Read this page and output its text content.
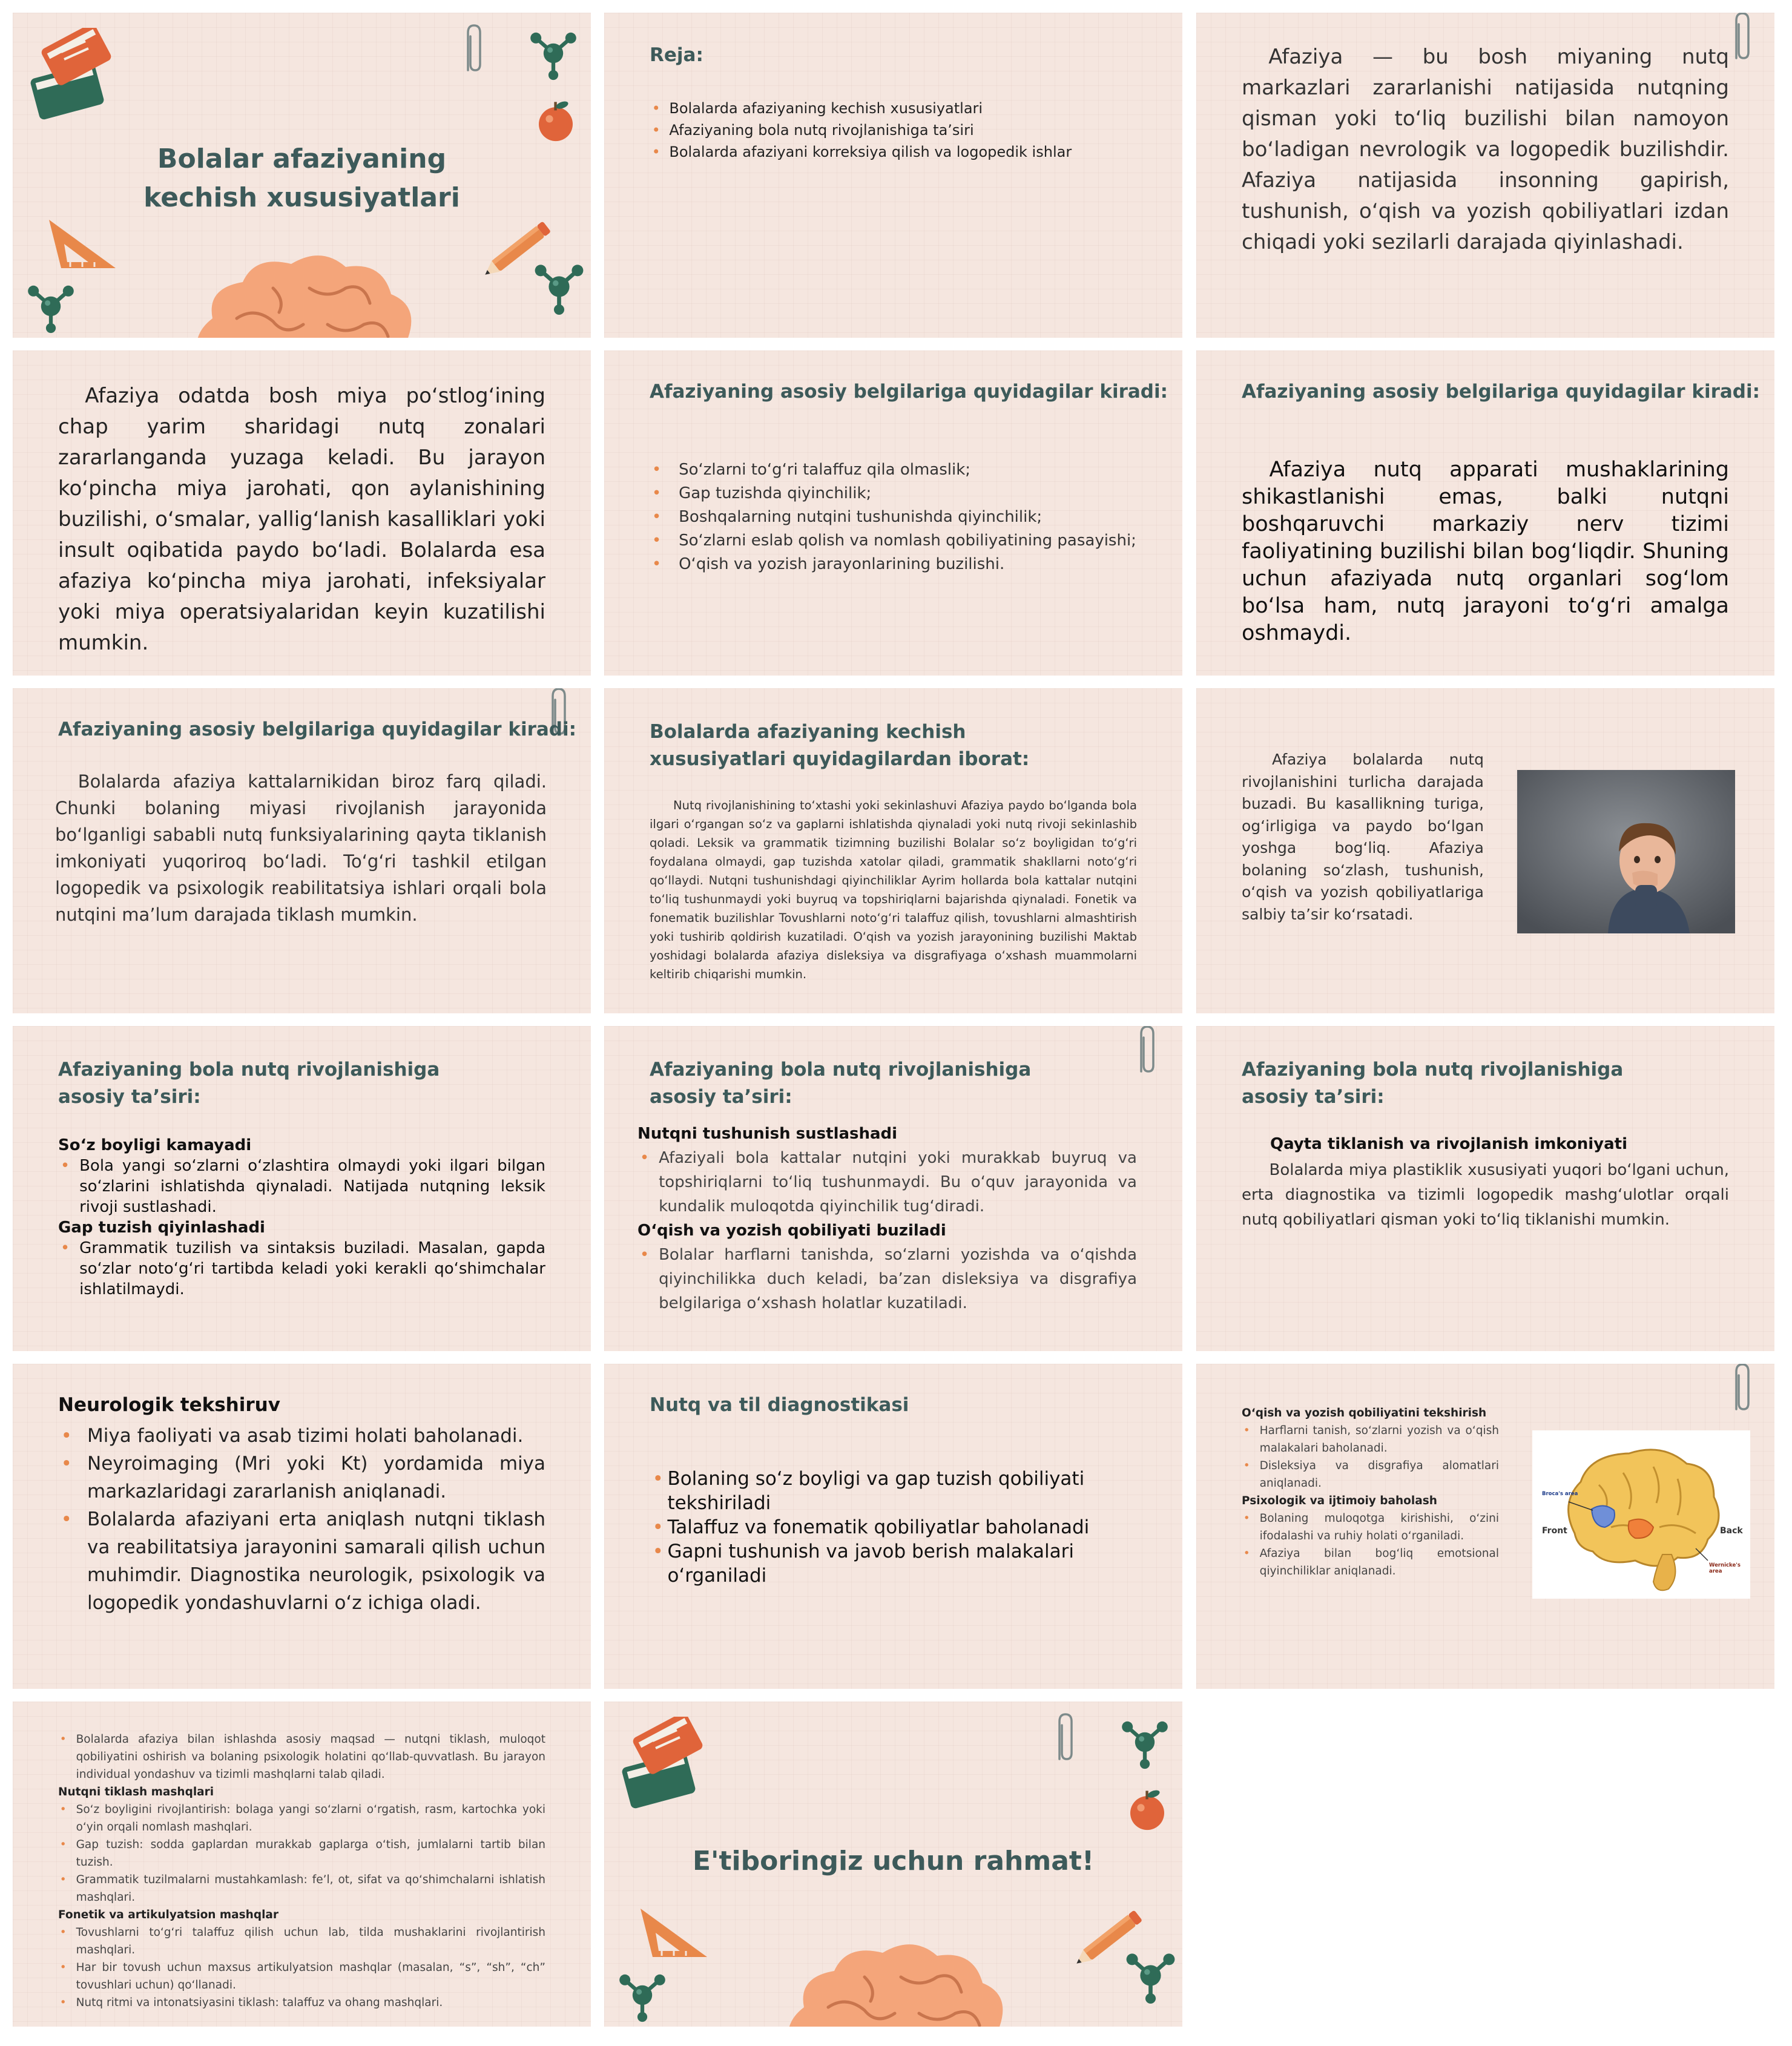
Bolalar afaziyaning kechish xususiyatlari
Reja:
• Bolalarda afaziyaning kechish xususiyatlari
• Afaziyaning bola nutq rivojlanishiga ta’siri
• Bolalarda afaziyani korreksiya qilish va logopedik ishlar
Afaziya — bu bosh miyaning nutq markazlari zararlanishi natijasida nutqning qisman yoki to‘liq buzilishi bilan namoyon bo‘ladigan nevrologik va logopedik buzilishdir. Afaziya natijasida insonning gapirish, tushunish, o‘qish va yozish qobiliyatlari izdan chiqadi yoki sezilarli darajada qiyinlashadi.
Afaziya odatda bosh miya po‘stlog‘ining chap yarim sharidagi nutq zonalari zararlanganda yuzaga keladi. Bu jarayon ko‘pincha miya jarohati, qon aylanishining buzilishi, o‘smalar, yallig‘lanish kasalliklari yoki insult oqibatida paydo bo‘ladi. Bolalarda esa afaziya ko‘pincha miya jarohati, infeksiyalar yoki miya operatsiyalaridan keyin kuzatilishi mumkin.
Afaziyaning asosiy belgilariga quyidagilar kiradi:
• So‘zlarni to‘g‘ri talaffuz qila olmaslik;
• Gap tuzishda qiyinchilik;
• Boshqalarning nutqini tushunishda qiyinchilik;
• So‘zlarni eslab qolish va nomlash qobiliyatining pasayishi;
• O‘qish va yozish jarayonlarining buzilishi.
Afaziyaning asosiy belgilariga quyidagilar kiradi:
Afaziya nutq apparati mushaklarining shikastlanishi emas, balki nutqni boshqaruvchi markaziy nerv tizimi faoliyatining buzilishi bilan bog‘liqdir. Shuning uchun afaziyada nutq organlari sog‘lom bo‘lsa ham, nutq jarayoni to‘g‘ri amalga oshmaydi.
Afaziyaning asosiy belgilariga quyidagilar kiradi:
Bolalarda afaziya kattalarnikidan biroz farq qiladi. Chunki bolaning miyasi rivojlanish jarayonida bo‘lganligi sababli nutq funksiyalarining qayta tiklanish imkoniyati yuqoriroq bo‘ladi. To‘g‘ri tashkil etilgan logopedik va psixologik reabilitatsiya ishlari orqali bola nutqini ma’lum darajada tiklash mumkin.
Bolalarda afaziyaning kechish xususiyatlari quyidagilardan iborat:
Nutq rivojlanishining to‘xtashi yoki sekinlashuvi Afaziya paydo bo‘lganda bola ilgari o‘rgangan so‘z va gaplarni ishlatishda qiynaladi yoki nutq rivoji sekinlashib qoladi. Leksik va grammatik tizimning buzilishi Bolalar so‘z boyligidan to‘g‘ri foydalana olmaydi, gap tuzishda xatolar qiladi, grammatik shakllarni noto‘g‘ri qo‘llaydi. Nutqni tushunishdagi qiyinchiliklar Ayrim hollarda bola kattalar nutqini to‘liq tushunmaydi yoki buyruq va topshiriqlarni bajarishda qiynaladi. Fonetik va fonematik buzilishlar Tovushlarni noto‘g‘ri talaffuz qilish, tovushlarni almashtirish yoki tushirib qoldirish kuzatiladi. O‘qish va yozish jarayonining buzilishi Maktab yoshidagi bolalarda afaziya disleksiya va disgrafiyaga o‘xshash muammolarni keltirib chiqarishi mumkin.
Afaziya bolalarda nutq rivojlanishini turlicha darajada buzadi. Bu kasallikning turiga, og‘irligiga va paydo bo‘lgan yoshga bog‘liq. Afaziya bolaning so‘zlash, tushunish, o‘qish va yozish qobiliyatlariga salbiy ta’sir ko‘rsatadi.
Afaziyaning bola nutq rivojlanishiga asosiy ta’siri:
So‘z boyligi kamayadi
• Bola yangi so‘zlarni o‘zlashtira olmaydi yoki ilgari bilgan so‘zlarini ishlatishda qiynaladi. Natijada nutqning leksik rivoji sustlashadi.
Gap tuzish qiyinlashadi
• Grammatik tuzilish va sintaksis buziladi. Masalan, gapda so‘zlar noto‘g‘ri tartibda keladi yoki kerakli qo‘shimchalar ishlatilmaydi.
Afaziyaning bola nutq rivojlanishiga asosiy ta’siri:
Nutqni tushunish sustlashadi
• Afaziyali bola kattalar nutqini yoki murakkab buyruq va topshiriqlarni to‘liq tushunmaydi. Bu o‘quv jarayonida va kundalik muloqotda qiyinchilik tug‘diradi.
O‘qish va yozish qobiliyati buziladi
• Bolalar harflarni tanishda, so‘zlarni yozishda va o‘qishda qiyinchilikka duch keladi, ba’zan disleksiya va disgrafiya belgilariga o‘xshash holatlar kuzatiladi.
Afaziyaning bola nutq rivojlanishiga asosiy ta’siri:
Qayta tiklanish va rivojlanish imkoniyati
Bolalarda miya plastiklik xususiyati yuqori bo‘lgani uchun, erta diagnostika va tizimli logopedik mashg‘ulotlar orqali nutq qobiliyatlari qisman yoki to‘liq tiklanishi mumkin.
Neurologik tekshiruv
• Miya faoliyati va asab tizimi holati baholanadi.
• Neyroimaging (Mri yoki Kt) yordamida miya markazlaridagi zararlanish aniqlanadi.
• Bolalarda afaziyani erta aniqlash nutqni tiklash va reabilitatsiya jarayonini samarali qilish uchun muhimdir. Diagnostika neurologik, psixologik va logopedik yondashuvlarni o‘z ichiga oladi.
Nutq va til diagnostikasi
• Bolaning so‘z boyligi va gap tuzish qobiliyati tekshiriladi
• Talaffuz va fonematik qobiliyatlar baholanadi
• Gapni tushunish va javob berish malakalari o‘rganiladi
O‘qish va yozish qobiliyatini tekshirish
• Harflarni tanish, so‘zlarni yozish va o‘qish malakalari baholanadi.
• Disleksiya va disgrafiya alomatlari aniqlanadi.
Psixologik va ijtimoiy baholash
• Bolaning muloqotga kirishishi, o‘zini ifodalashi va ruhiy holati o‘rganiladi.
• Afaziya bilan bog‘liq emotsional qiyinchiliklar aniqlanadi.
Broca's area
Front	Back
Wernicke's area
• Bolalarda afaziya bilan ishlashda asosiy maqsad — nutqni tiklash, muloqot qobiliyatini oshirish va bolaning psixologik holatini qo‘llab-quvvatlash. Bu jarayon individual yondashuv va tizimli mashqlarni talab qiladi.
Nutqni tiklash mashqlari
• So‘z boyligini rivojlantirish: bolaga yangi so‘zlarni o‘rgatish, rasm, kartochka yoki o‘yin orqali nomlash mashqlari.
• Gap tuzish: sodda gaplardan murakkab gaplarga o‘tish, jumlalarni tartib bilan tuzish.
• Grammatik tuzilmalarni mustahkamlash: fe’l, ot, sifat va qo‘shimchalarni ishlatish mashqlari.
Fonetik va artikulyatsion mashqlar
• Tovushlarni to‘g‘ri talaffuz qilish uchun lab, tilda mushaklarini rivojlantirish mashqlari.
• Har bir tovush uchun maxsus artikulyatsion mashqlar (masalan, “s”, “sh”, “ch” tovushlari uchun) qo‘llanadi.
• Nutq ritmi va intonatsiyasini tiklash: talaffuz va ohang mashqlari.
E'tiboringiz uchun rahmat!
